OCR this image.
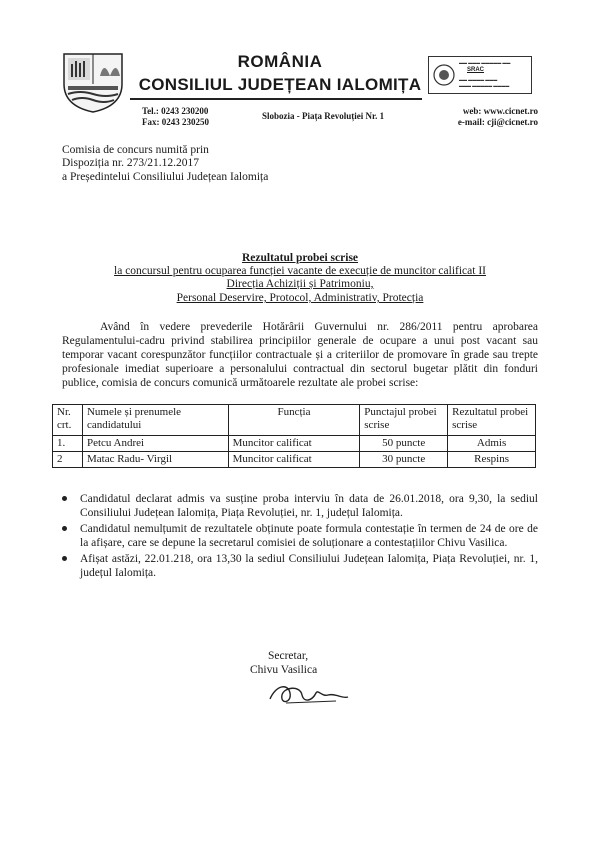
ROMÂNIA
CONSILIUL JUDEȚEAN IALOMIȚA
▬▬ ▬▬▬ ▬▬▬▬▬ ▬▬
SRAC
▬▬ ▬▬▬▬ ▬▬▬
▬▬▬ ▬▬▬▬▬ ▬▬▬▬
Tel.: 0243 230200
Fax: 0243 230250
Slobozia - Piața Revoluției Nr. 1	web: www.cicnet.ro
e-mail: cji@cicnet.ro
Comisia de concurs numită prin
Dispoziția nr. 273/21.12.2017
a Președintelui Consiliului Județean Ialomița
Rezultatul probei scrise
la concursul pentru ocuparea funcției vacante de execuție de muncitor calificat II
Direcția Achiziții și Patrimoniu,
Personal Deservire, Protocol, Administrativ, Protecția
Având în vedere prevederile Hotărârii Guvernului nr. 286/2011 pentru aprobarea Regulamentului-cadru privind stabilirea principiilor generale de ocupare a unui post vacant sau temporar vacant corespunzător funcțiilor contractuale și a criteriilor de promovare în grade sau trepte profesionale imediat superioare a personalului contractual din sectorul bugetar plătit din fonduri publice, comisia de concurs comunică următoarele rezultate ale probei scrise:
Nr. crt.	Numele și prenumele candidatului	Funcția	Punctajul probei scrise	Rezultatul probei scrise
1.	Petcu Andrei	Muncitor calificat	50 puncte	Admis
2	Matac Radu- Virgil	Muncitor calificat	30 puncte	Respins
Candidatul declarat admis va susține proba interviu în data de 26.01.2018, ora 9,30, la sediul Consiliului Județean Ialomița, Piața Revoluției, nr. 1, județul Ialomița.
Candidatul nemulțumit de rezultatele obținute poate formula contestație în termen de 24 de ore de la afișare, care se depune la secretarul comisiei de soluționare a contestațiilor Chivu Vasilica.
Afișat astăzi, 22.01.218, ora 13,30 la sediul Consiliului Județean Ialomița, Piața Revoluției, nr. 1, județul Ialomița.
Secretar,
Chivu Vasilica
